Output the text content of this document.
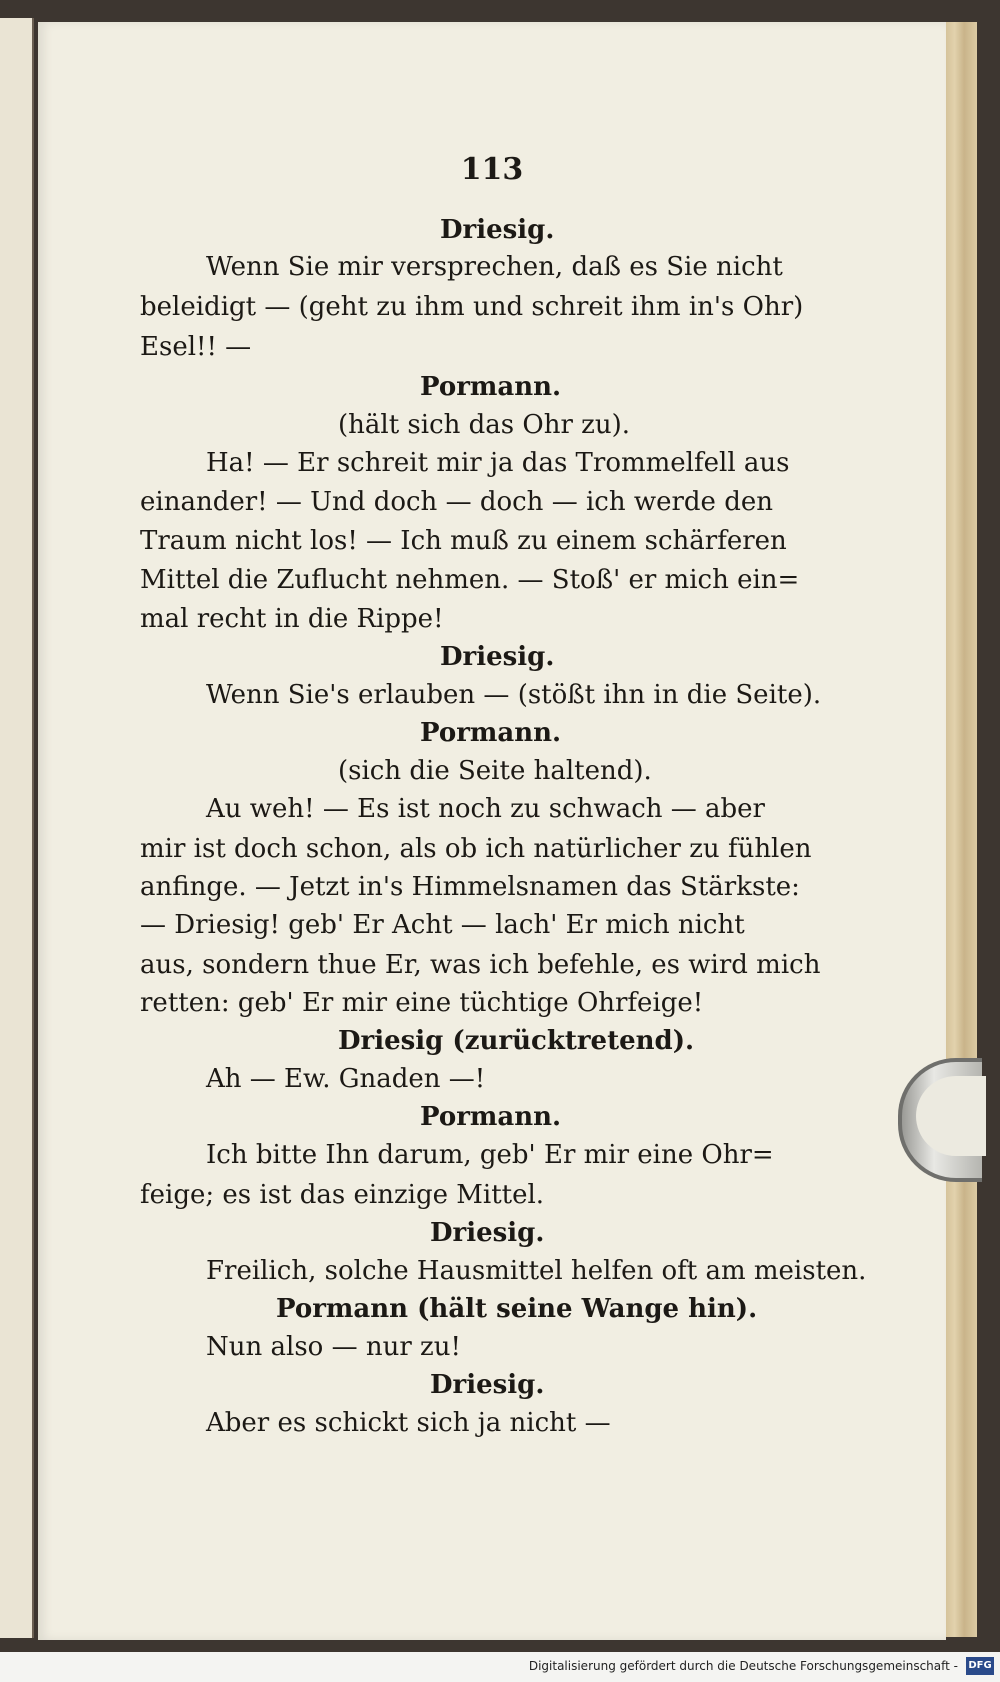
113
Driesig.
Wenn Sie mir versprechen, daß es Sie nicht
beleidigt — (geht zu ihm und schreit ihm in's Ohr)
Esel!! —
Pormann.
(hält sich das Ohr zu).
Ha! — Er schreit mir ja das Trommelfell aus
einander! — Und doch — doch — ich werde den
Traum nicht los! — Ich muß zu einem schärferen
Mittel die Zuflucht nehmen. — Stoß' er mich ein=
mal recht in die Rippe!
Driesig.
Wenn Sie's erlauben — (stößt ihn in die Seite).
Pormann.
(sich die Seite haltend).
Au weh! — Es ist noch zu schwach — aber
mir ist doch schon, als ob ich natürlicher zu fühlen
anfinge. — Jetzt in's Himmelsnamen das Stärkste:
— Driesig! geb' Er Acht — lach' Er mich nicht
aus, sondern thue Er, was ich befehle, es wird mich
retten: geb' Er mir eine tüchtige Ohrfeige!
Driesig (zurücktretend).
Ah — Ew. Gnaden —!
Pormann.
Ich bitte Ihn darum, geb' Er mir eine Ohr=
feige; es ist das einzige Mittel.
Driesig.
Freilich, solche Hausmittel helfen oft am meisten.
Pormann (hält seine Wange hin).
Nun also — nur zu!
Driesig.
Aber es schickt sich ja nicht —
Digitalisierung gefördert durch die Deutsche Forschungsgemeinschaft - DFG
